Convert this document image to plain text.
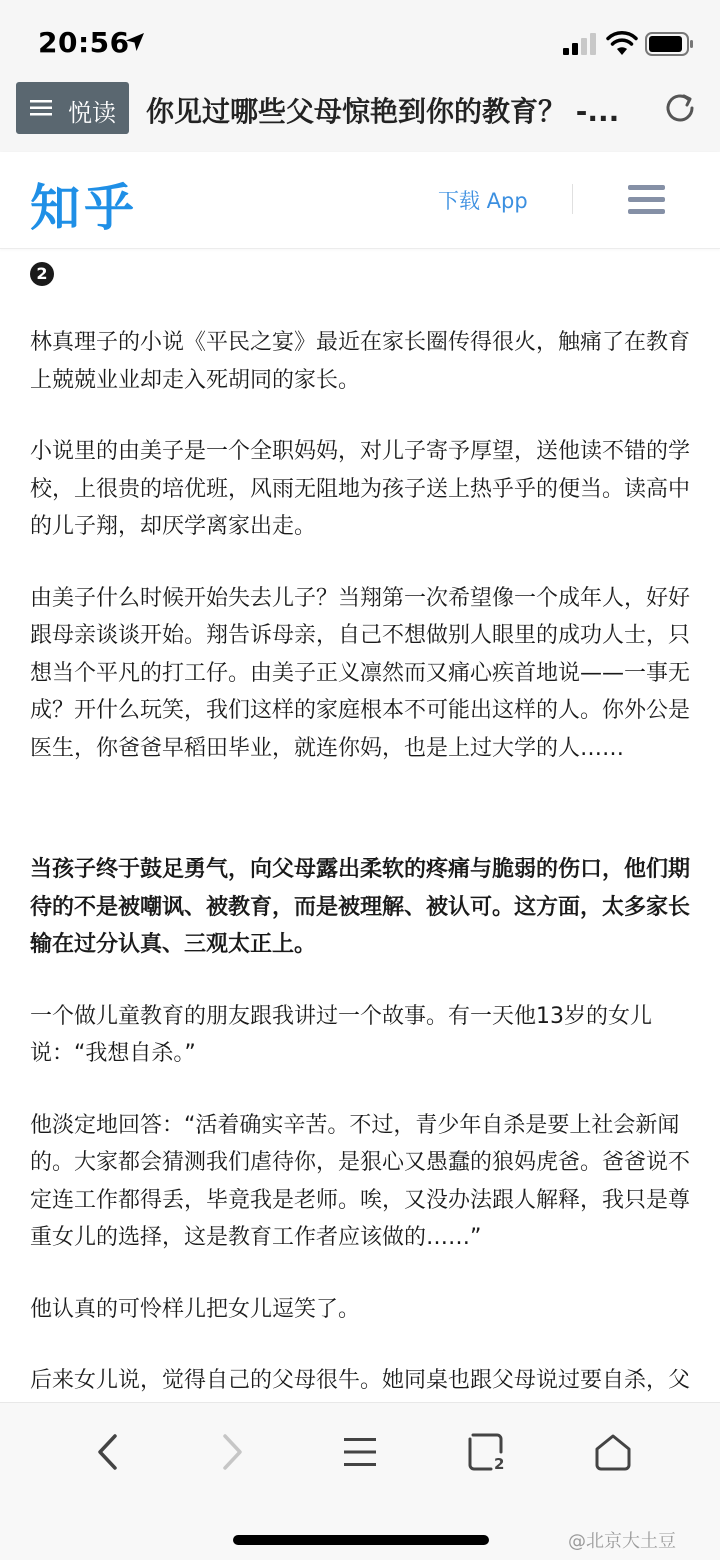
20:56
悦读 你见过哪些父母惊艳到你的教育？ -...
知乎	下载 App
2

林真理子的小说《平民之宴》最近在家长圈传得很火，触痛了在教育上兢兢业业却走入死胡同的家长。

小说里的由美子是一个全职妈妈，对儿子寄予厚望，送他读不错的学校，上很贵的培优班，风雨无阻地为孩子送上热乎乎的便当。读高中的儿子翔，却厌学离家出走。

由美子什么时候开始失去儿子？当翔第一次希望像一个成年人，好好跟母亲谈谈开始。翔告诉母亲，自己不想做别人眼里的成功人士，只想当个平凡的打工仔。由美子正义凛然而又痛心疾首地说——一事无成？开什么玩笑，我们这样的家庭根本不可能出这样的人。你外公是医生，你爸爸早稻田毕业，就连你妈，也是上过大学的人……

当孩子终于鼓足勇气，向父母露出柔软的疼痛与脆弱的伤口，他们期待的不是被嘲讽、被教育，而是被理解、被认可。这方面，太多家长输在过分认真、三观太正上。

一个做儿童教育的朋友跟我讲过一个故事。有一天他13岁的女儿说：“我想自杀。”

他淡定地回答：“活着确实辛苦。不过，青少年自杀是要上社会新闻的。大家都会猜测我们虐待你，是狠心又愚蠢的狼妈虎爸。爸爸说不定连工作都得丢，毕竟我是老师。唉，又没办法跟人解释，我只是尊重女儿的选择，这是教育工作者应该做的……”

他认真的可怜样儿把女儿逗笑了。

后来女儿说，觉得自己的父母很牛。她同桌也跟父母说过要自杀，父

2
@北京大土豆
